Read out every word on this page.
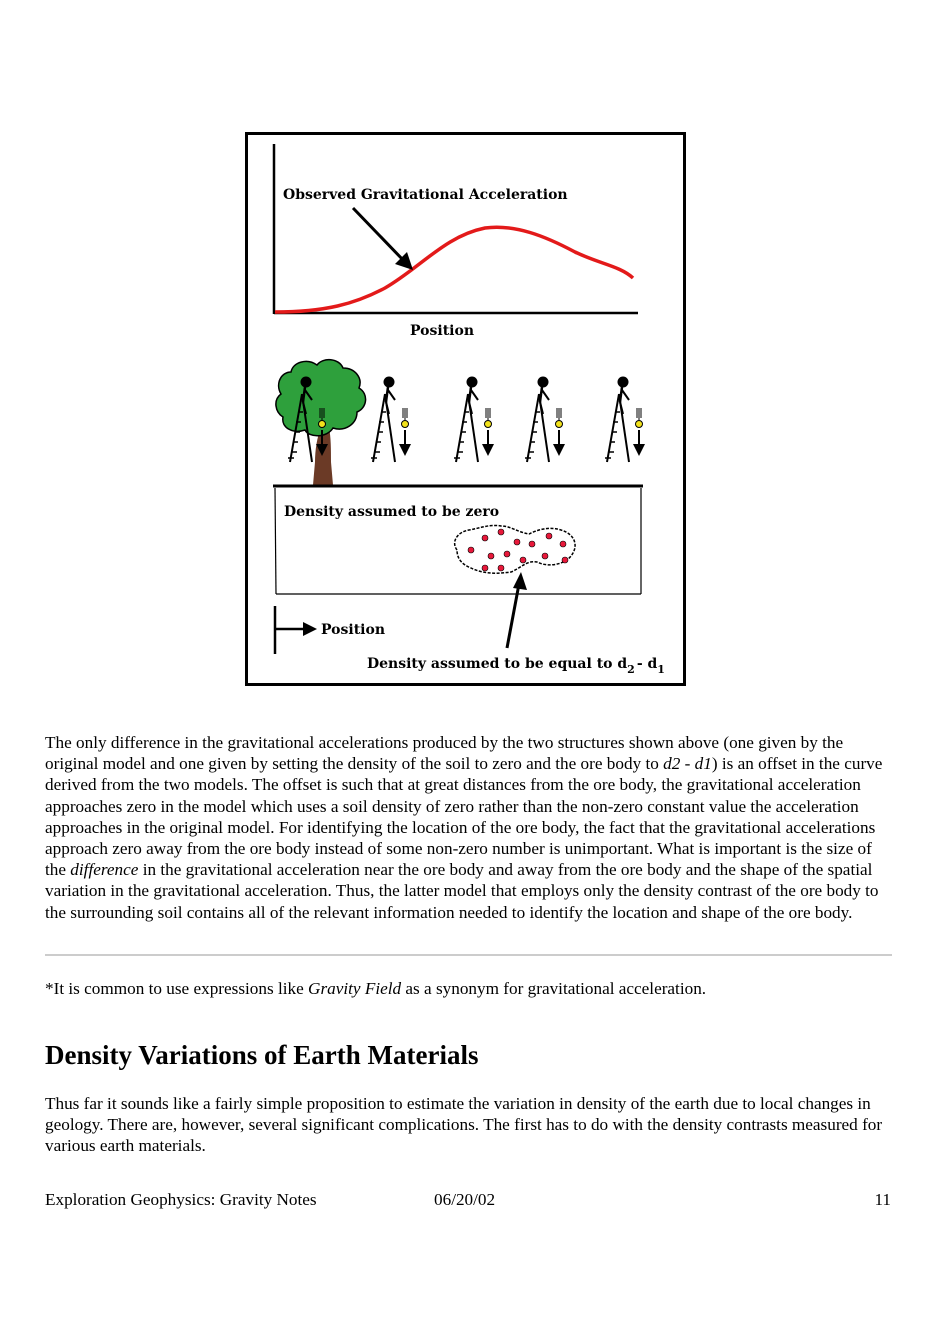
Observed Gravitational Acceleration
Position
Density assumed to be zero
Position
Density assumed to be equal to $d_2 - d_1$

The only difference in the gravitational accelerations produced by the two structures shown above (one given by the original model and one given by setting the density of the soil to zero and the ore body to d2 - d1) is an offset in the curve derived from the two models. The offset is such that at great distances from the ore body, the gravitational acceleration approaches zero in the model which uses a soil density of zero rather than the non-zero constant value the acceleration approaches in the original model. For identifying the location of the ore body, the fact that the gravitational accelerations approach zero away from the ore body instead of some non-zero number is unimportant. What is important is the size of the difference in the gravitational acceleration near the ore body and away from the ore body and the shape of the spatial variation in the gravitational acceleration. Thus, the latter model that employs only the density contrast of the ore body to the surrounding soil contains all of the relevant information needed to identify the location and shape of the ore body.

*It is common to use expressions like Gravity Field as a synonym for gravitational acceleration.

Density Variations of Earth Materials

Thus far it sounds like a fairly simple proposition to estimate the variation in density of the earth due to local changes in geology. There are, however, several significant complications. The first has to do with the density contrasts measured for various earth materials.

Exploration Geophysics: Gravity Notes	06/20/02	11
